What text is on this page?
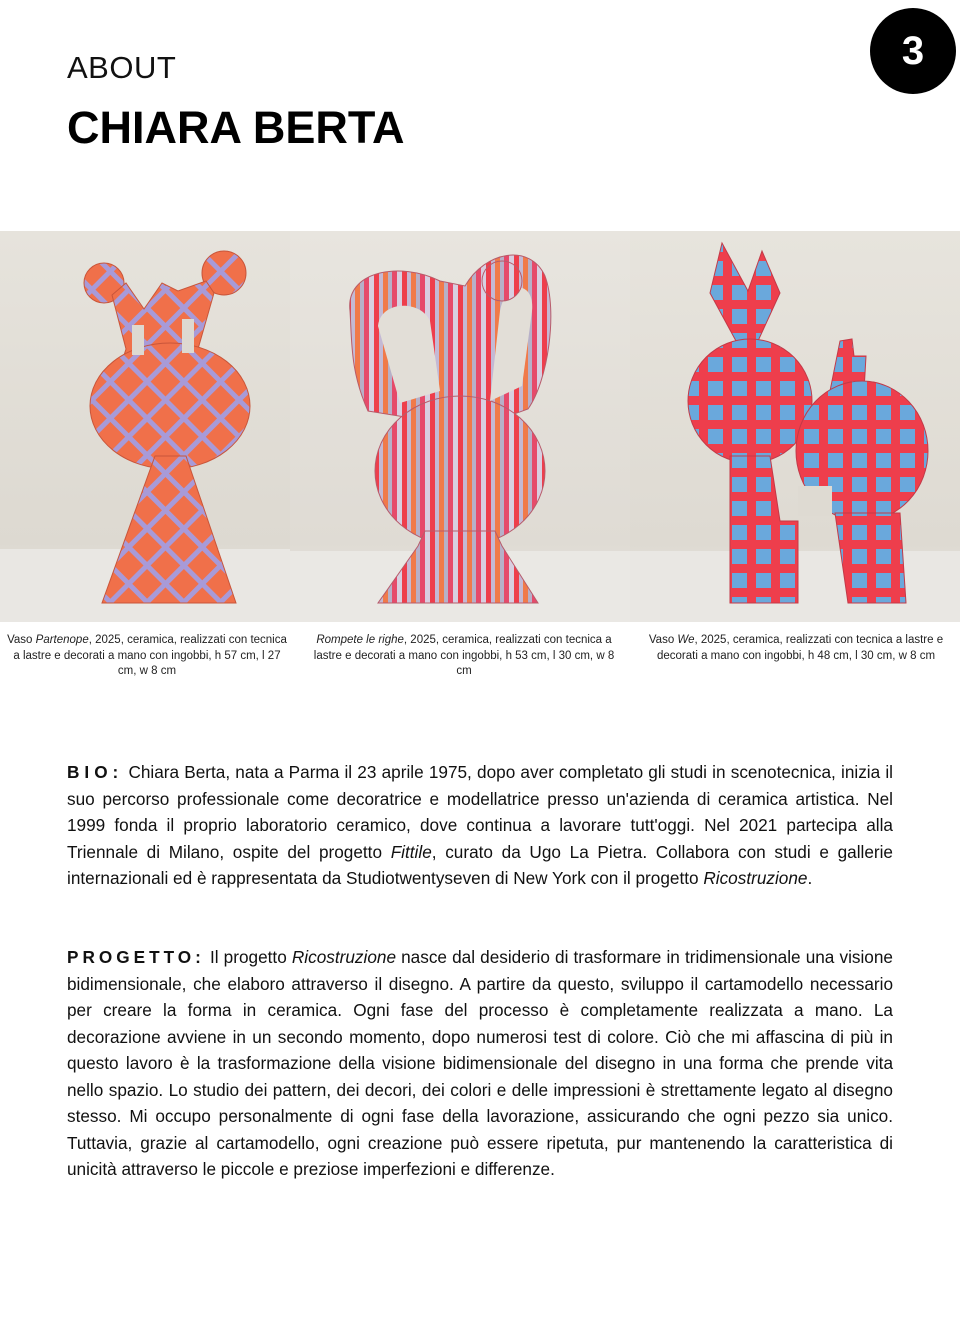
ABOUT
CHIARA BERTA
3
Vaso Partenope, 2025, ceramica, realizzati con tecnica a lastre e decorati a mano con ingobbi, h 57 cm, l 27 cm, w 8 cm
Rompete le righe, 2025, ceramica, realizzati con tecnica a lastre e decorati a mano con ingobbi, h 53 cm, l 30 cm, w 8 cm
Vaso We, 2025, ceramica, realizzati con tecnica a lastre e decorati a mano con ingobbi, h 48 cm, l 30 cm, w 8 cm
BIO: Chiara Berta, nata a Parma il 23 aprile 1975, dopo aver completato gli studi in scenotecnica, inizia il suo percorso professionale come decoratrice e modellatrice presso un'azienda di ceramica artistica. Nel 1999 fonda il proprio laboratorio ceramico, dove continua a lavorare tutt'oggi. Nel 2021 partecipa alla Triennale di Milano, ospite del progetto Fittile, curato da Ugo La Pietra. Collabora con studi e gallerie internazionali ed è rappresentata da Studiotwentyseven di New York con il progetto Ricostruzione.
PROGETTO: Il progetto Ricostruzione nasce dal desiderio di trasformare in tridimensionale una visione bidimensionale, che elaboro attraverso il disegno. A partire da questo, sviluppo il cartamodello necessario per creare la forma in ceramica. Ogni fase del processo è completamente realizzata a mano. La decorazione avviene in un secondo momento, dopo numerosi test di colore. Ciò che mi affascina di più in questo lavoro è la trasformazione della visione bidimensionale del disegno in una forma che prende vita nello spazio. Lo studio dei pattern, dei decori, dei colori e delle impressioni è strettamente legato al disegno stesso. Mi occupo personalmente di ogni fase della lavorazione, assicurando che ogni pezzo sia unico. Tuttavia, grazie al cartamodello, ogni creazione può essere ripetuta, pur mantenendo la caratteristica di unicità attraverso le piccole e preziose imperfezioni e differenze.
